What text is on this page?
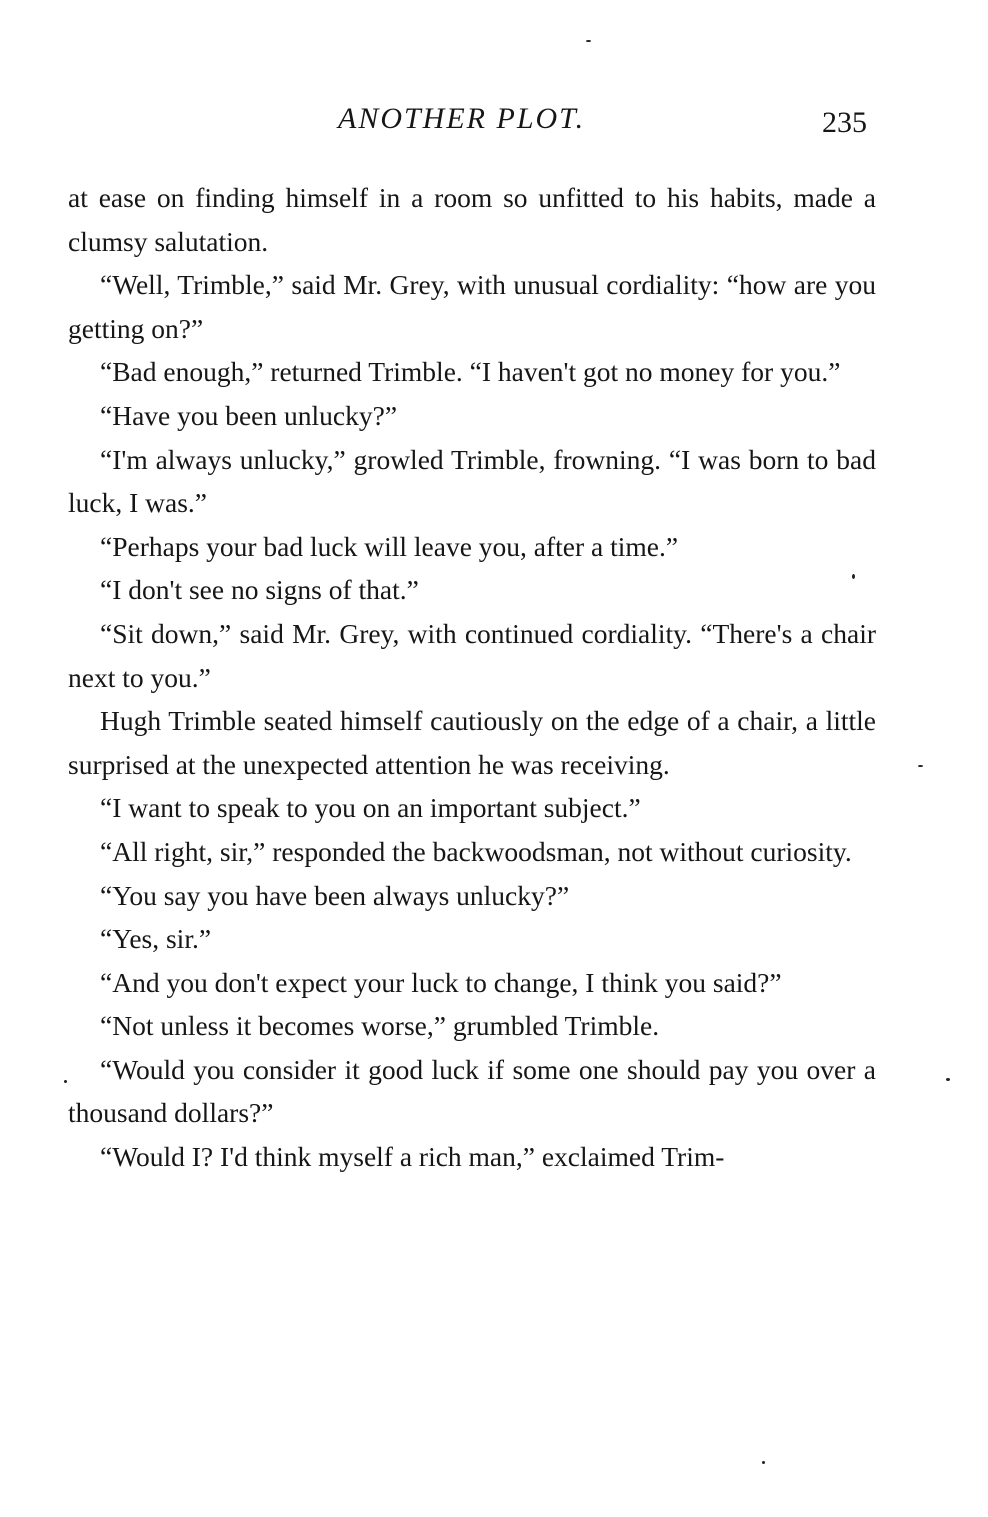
ANOTHER PLOT.	235

at ease on finding himself in a room so unfitted to his habits, made a clumsy salutation.

“Well, Trimble,” said Mr. Grey, with unusual cordiality: “how are you getting on?”

“Bad enough,” returned Trimble. “I haven't got no money for you.”

“Have you been unlucky?”

“I'm always unlucky,” growled Trimble, frowning. “I was born to bad luck, I was.”

“Perhaps your bad luck will leave you, after a time.”

“I don't see no signs of that.”

“Sit down,” said Mr. Grey, with continued cordiality. “There's a chair next to you.”

Hugh Trimble seated himself cautiously on the edge of a chair, a little surprised at the unexpected attention he was receiving.

“I want to speak to you on an important subject.”

“All right, sir,” responded the backwoodsman, not without curiosity.

“You say you have been always unlucky?”

“Yes, sir.”

“And you don't expect your luck to change, I think you said?”

“Not unless it becomes worse,” grumbled Trimble.

“Would you consider it good luck if some one should pay you over a thousand dollars?”

“Would I? I'd think myself a rich man,” exclaimed Trim-
